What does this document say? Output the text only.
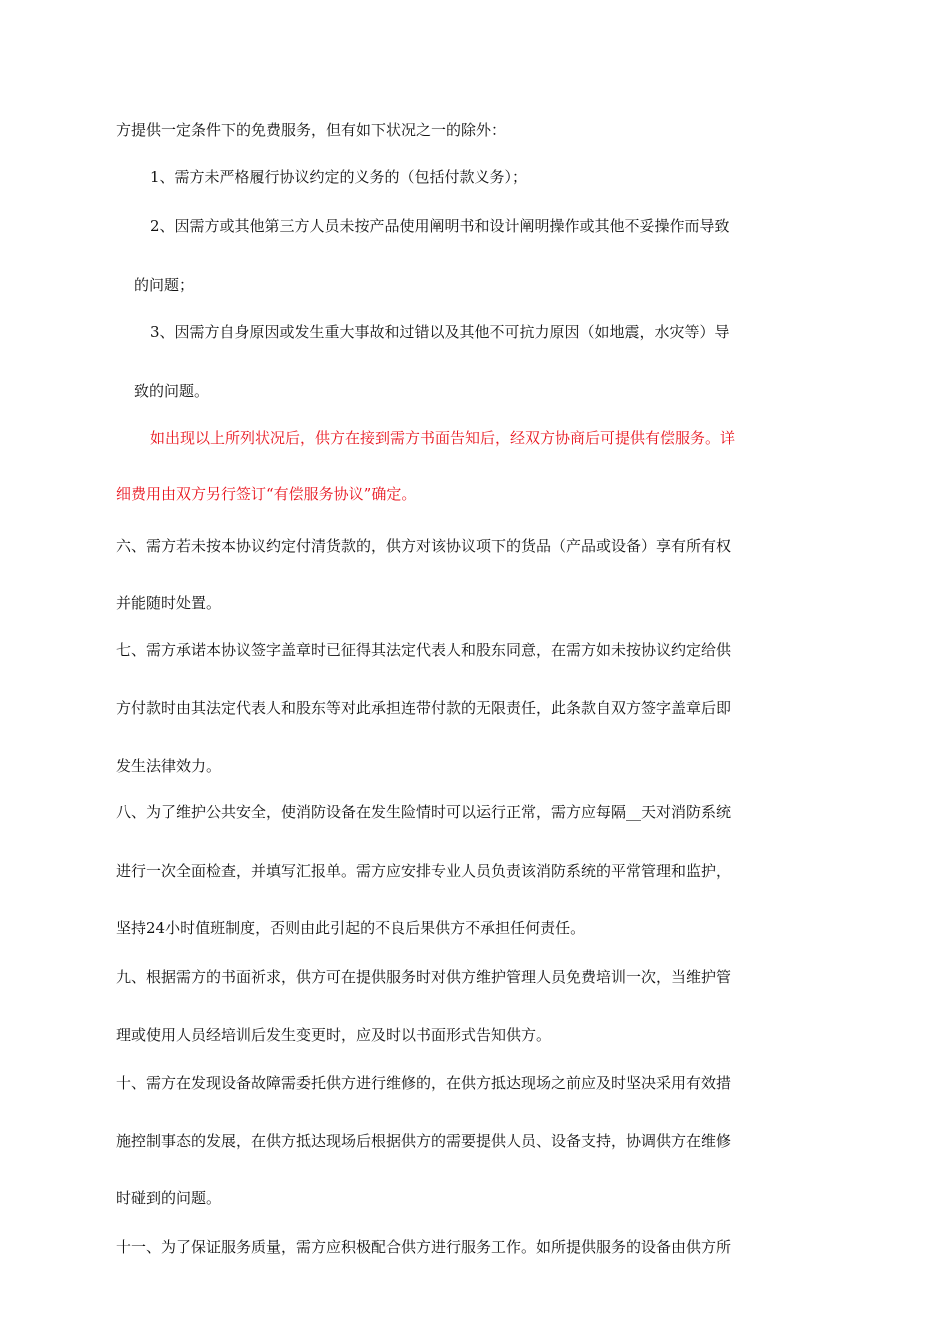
方提供一定条件下的免费服务，但有如下状况之一的除外：

1、需方未严格履行协议约定的义务的（包括付款义务）；

2、因需方或其他第三方人员未按产品使用阐明书和设计阐明操作或其他不妥操作而导致

的问题；

3、因需方自身原因或发生重大事故和过错以及其他不可抗力原因（如地震，水灾等）导

致的问题。

如出现以上所列状况后，供方在接到需方书面告知后，经双方协商后可提供有偿服务。详

细费用由双方另行签订“有偿服务协议”确定。

六、需方若未按本协议约定付清货款的，供方对该协议项下的货品（产品或设备）享有所有权

并能随时处置。

七、需方承诺本协议签字盖章时已征得其法定代表人和股东同意，在需方如未按协议约定给供

方付款时由其法定代表人和股东等对此承担连带付款的无限责任，此条款自双方签字盖章后即

发生法律效力。

八、为了维护公共安全，使消防设备在发生险情时可以运行正常，需方应每隔__天对消防系统

进行一次全面检查，并填写汇报单。需方应安排专业人员负责该消防系统的平常管理和监护，

坚持24小时值班制度，否则由此引起的不良后果供方不承担任何责任。

九、根据需方的书面祈求，供方可在提供服务时对供方维护管理人员免费培训一次，当维护管

理或使用人员经培训后发生变更时，应及时以书面形式告知供方。

十、需方在发现设备故障需委托供方进行维修的，在供方抵达现场之前应及时坚决采用有效措

施控制事态的发展，在供方抵达现场后根据供方的需要提供人员、设备支持，协调供方在维修

时碰到的问题。

十一、为了保证服务质量，需方应积极配合供方进行服务工作。如所提供服务的设备由供方所
